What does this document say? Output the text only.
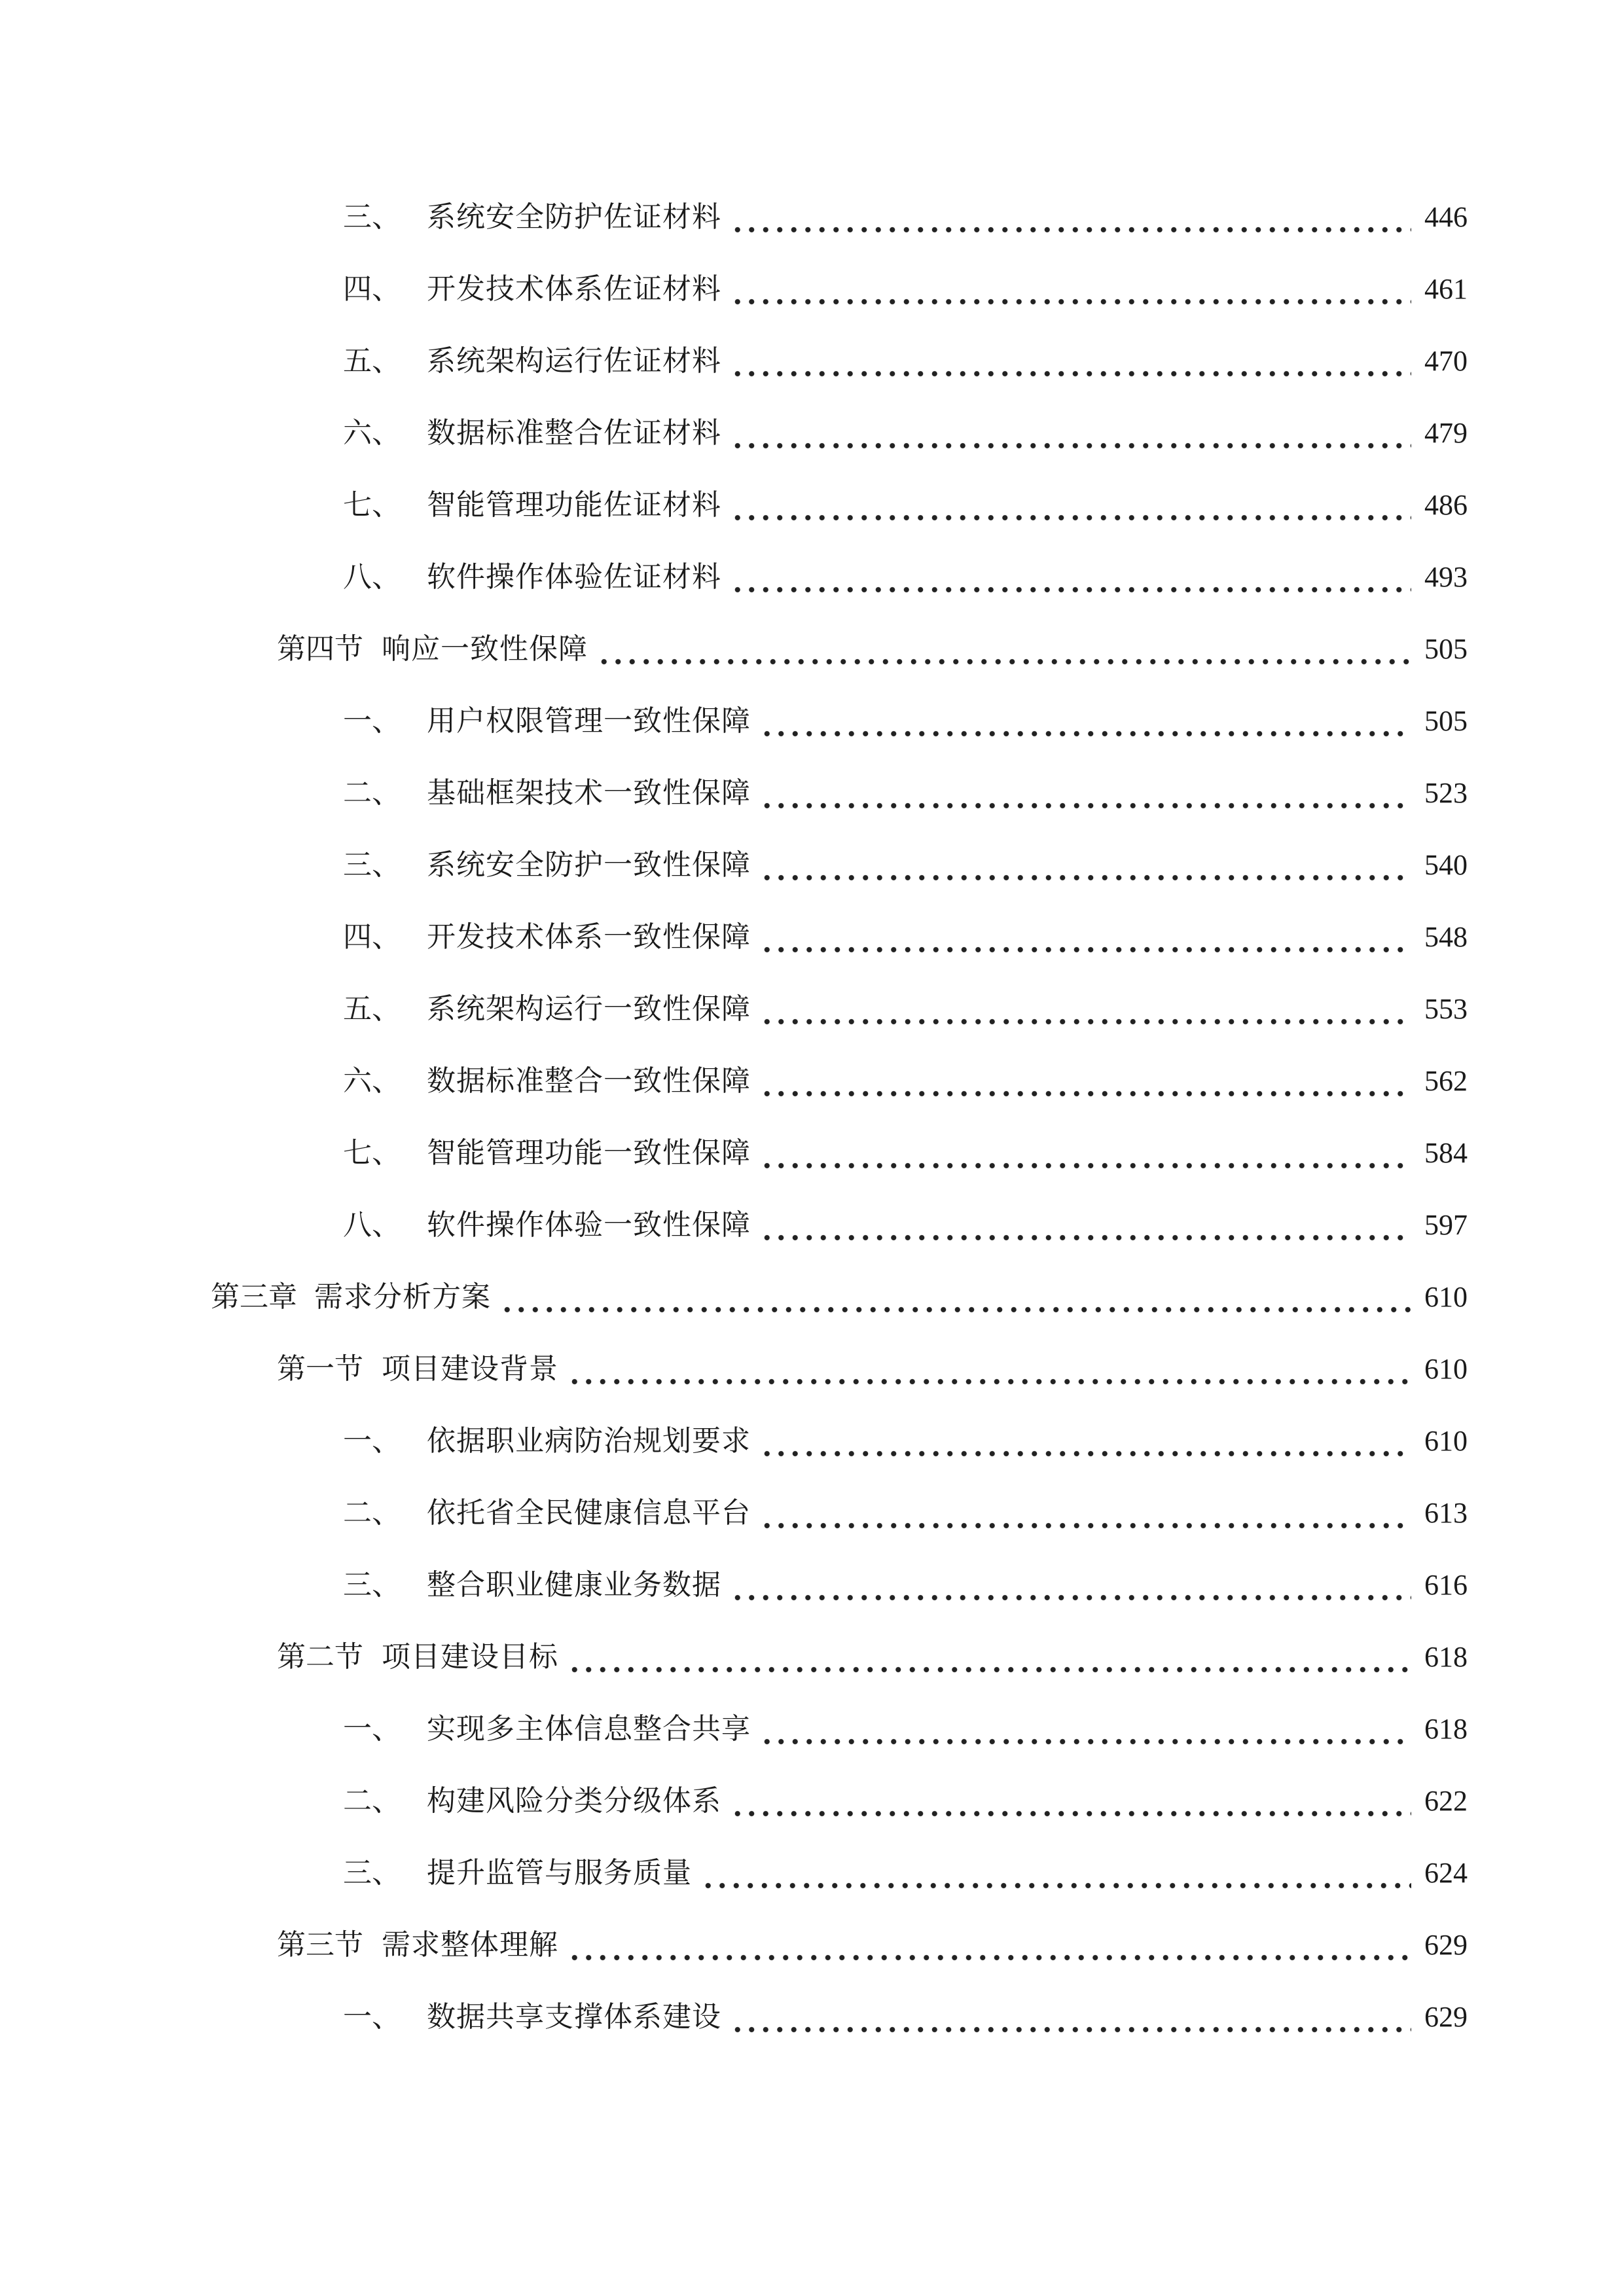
三、 系统安全防护佐证材料	446
四、 开发技术体系佐证材料	461
五、 系统架构运行佐证材料	470
六、 数据标准整合佐证材料	479
七、 智能管理功能佐证材料	486
八、 软件操作体验佐证材料	493
第四节 响应一致性保障	505
一、 用户权限管理一致性保障	505
二、 基础框架技术一致性保障	523
三、 系统安全防护一致性保障	540
四、 开发技术体系一致性保障	548
五、 系统架构运行一致性保障	553
六、 数据标准整合一致性保障	562
七、 智能管理功能一致性保障	584
八、 软件操作体验一致性保障	597
第三章 需求分析方案	610
第一节 项目建设背景	610
一、 依据职业病防治规划要求	610
二、 依托省全民健康信息平台	613
三、 整合职业健康业务数据	616
第二节 项目建设目标	618
一、 实现多主体信息整合共享	618
二、 构建风险分类分级体系	622
三、 提升监管与服务质量	624
第三节 需求整体理解	629
一、 数据共享支撑体系建设	629
